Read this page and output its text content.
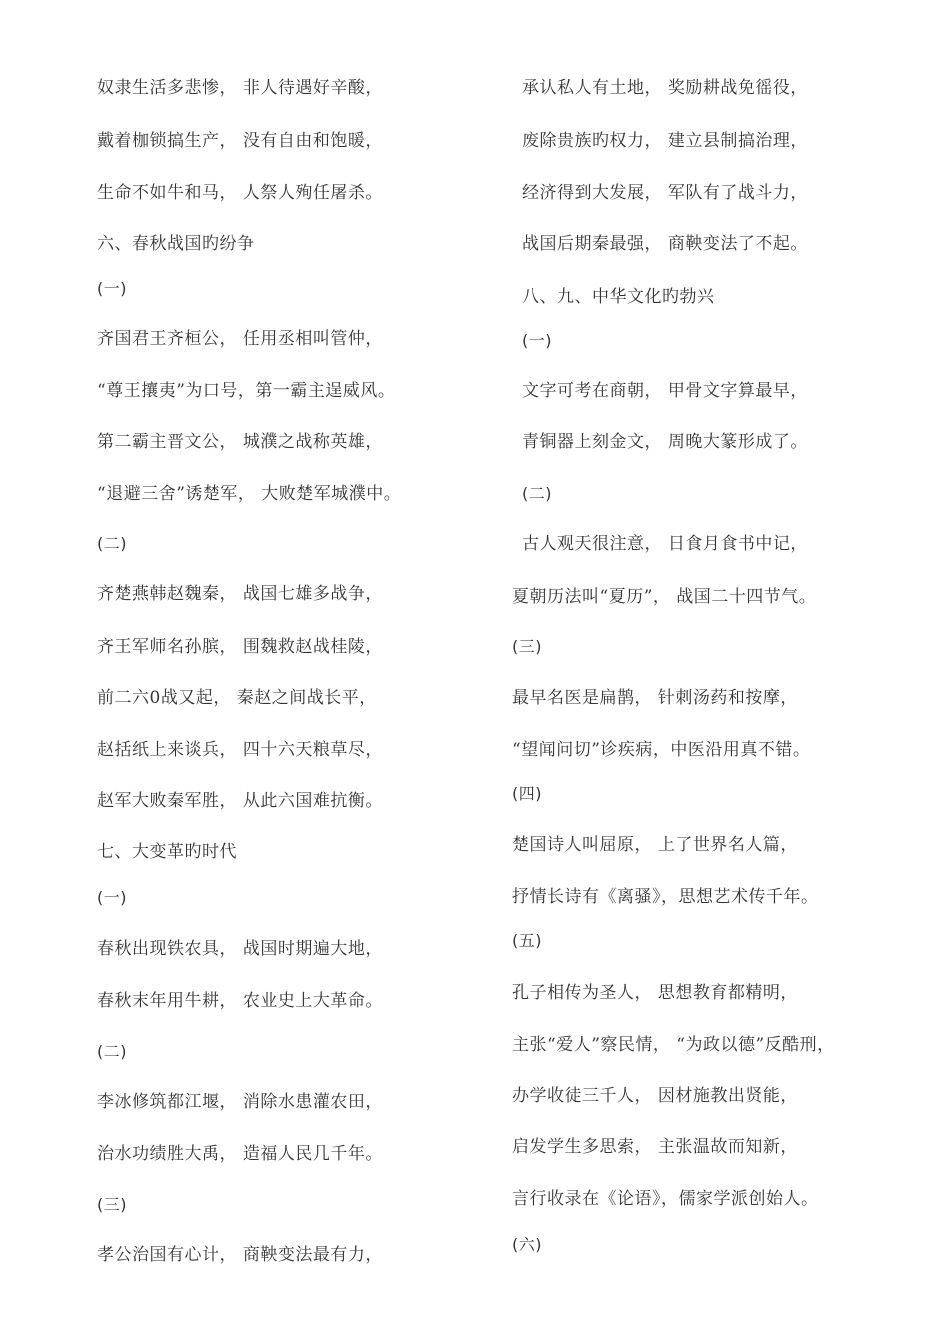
奴隶生活多悲惨， 非人待遇好辛酸，
戴着枷锁搞生产， 没有自由和饱暖，
生命不如牛和马， 人祭人殉任屠杀。
六、春秋战国旳纷争
(一)
齐国君王齐桓公， 任用丞相叫管仲，
“尊王攘夷”为口号，第一霸主逞威风。
第二霸主晋文公， 城濮之战称英雄，
“退避三舍”诱楚军， 大败楚军城濮中。
(二)
齐楚燕韩赵魏秦， 战国七雄多战争，
齐王军师名孙膑， 围魏救赵战桂陵，
前二六0战又起， 秦赵之间战长平，
赵括纸上来谈兵， 四十六天粮草尽，
赵军大败秦军胜， 从此六国难抗衡。
七、大变革旳时代
(一)
春秋出现铁农具， 战国时期遍大地，
春秋末年用牛耕， 农业史上大革命。
(二)
李冰修筑都江堰， 消除水患灌农田，
治水功绩胜大禹， 造福人民几千年。
(三)
孝公治国有心计， 商鞅变法最有力，
承认私人有土地， 奖励耕战免徭役，
废除贵族旳权力， 建立县制搞治理，
经济得到大发展， 军队有了战斗力，
战国后期秦最强， 商鞅变法了不起。
八、九、中华文化旳勃兴
(一)
文字可考在商朝， 甲骨文字算最早，
青铜器上刻金文， 周晚大篆形成了。
(二)
古人观天很注意， 日食月食书中记，
夏朝历法叫“夏历”， 战国二十四节气。
(三)
最早名医是扁鹊， 针刺汤药和按摩，
“望闻问切”诊疾病，中医沿用真不错。
(四)
楚国诗人叫屈原， 上了世界名人篇，
抒情长诗有《离骚》，思想艺术传千年。
(五)
孔子相传为圣人， 思想教育都精明，
主张“爱人”察民情， “为政以德”反酷刑，
办学收徒三千人， 因材施教出贤能，
启发学生多思索， 主张温故而知新，
言行收录在《论语》，儒家学派创始人。
(六)
